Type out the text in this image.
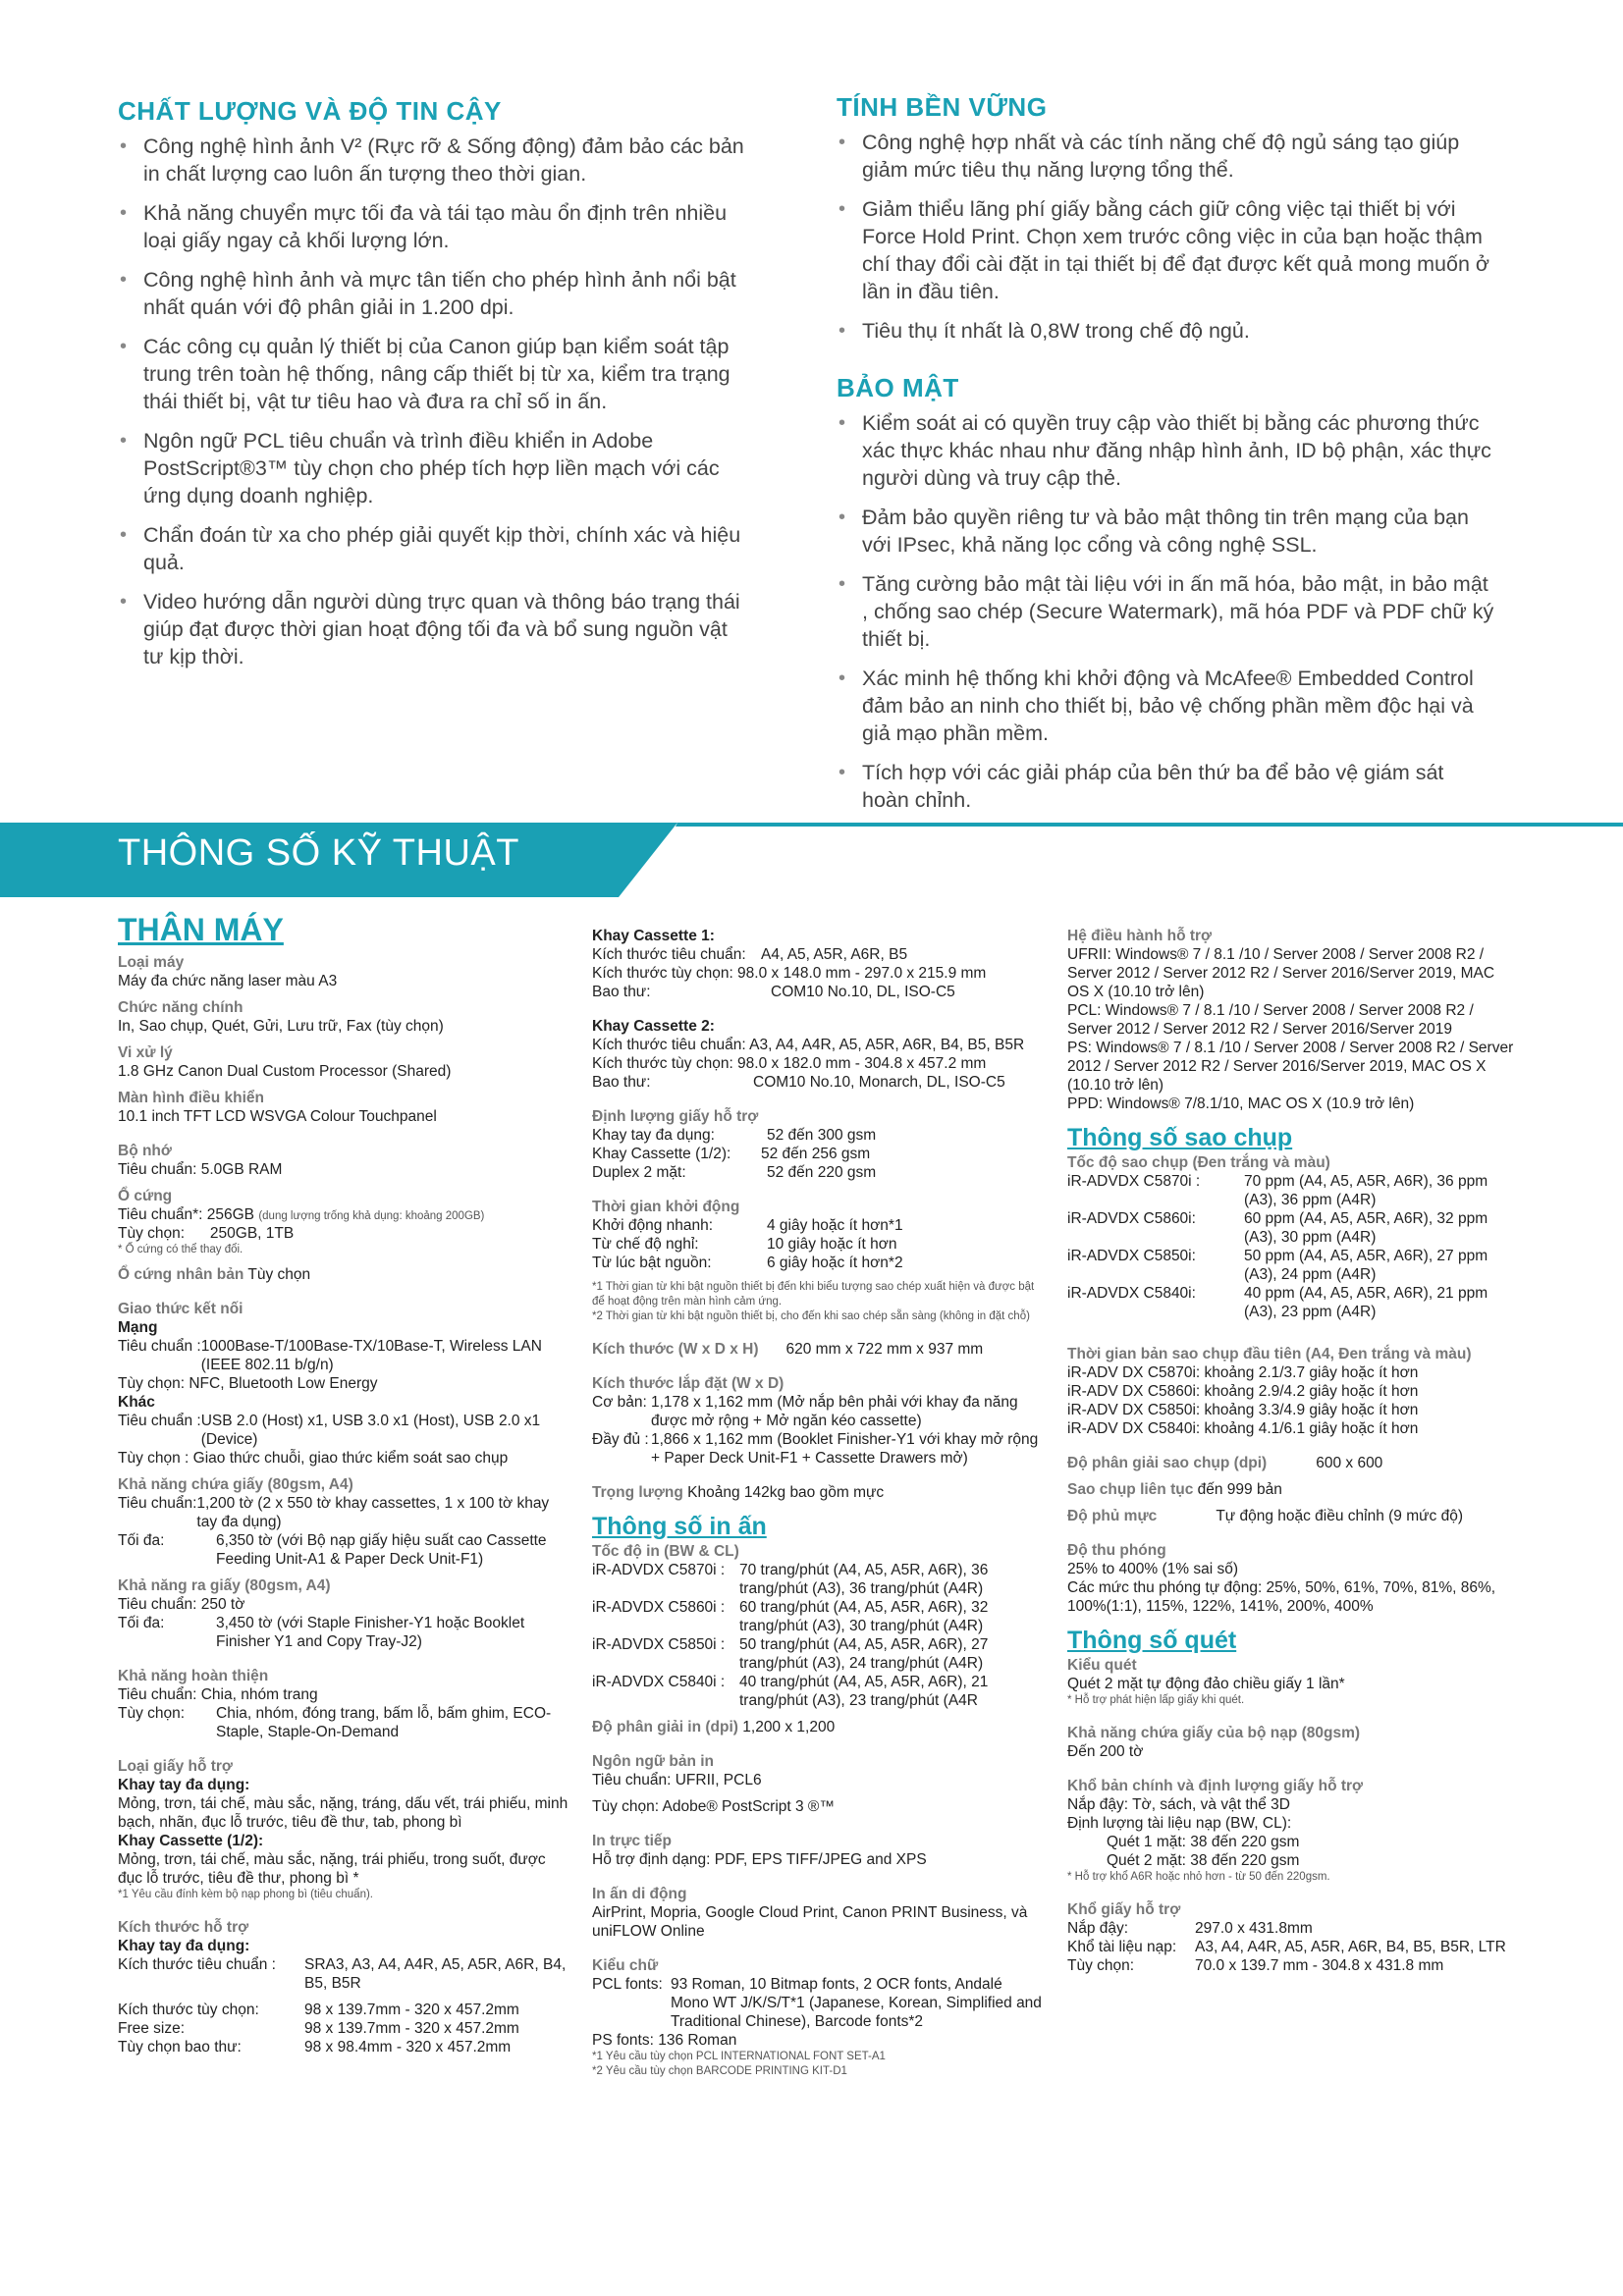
CHẤT LƯỢNG VÀ ĐỘ TIN CẬY
• Công nghệ hình ảnh V² (Rực rỡ & Sống động) đảm bảo các bản in chất lượng cao luôn ấn tượng theo thời gian.
• Khả năng chuyển mực tối đa và tái tạo màu ổn định trên nhiều loại giấy ngay cả khối lượng lớn.
• Công nghệ hình ảnh và mực tân tiến cho phép hình ảnh nổi bật nhất quán với độ phân giải in 1.200 dpi.
• Các công cụ quản lý thiết bị của Canon giúp bạn kiểm soát tập trung trên toàn hệ thống, nâng cấp thiết bị từ xa, kiểm tra trạng thái thiết bị, vật tư tiêu hao và đưa ra chỉ số in ấn.
• Ngôn ngữ PCL tiêu chuẩn và trình điều khiển in Adobe PostScript®3™ tùy chọn cho phép tích hợp liền mạch với các ứng dụng doanh nghiệp.
• Chẩn đoán từ xa cho phép giải quyết kịp thời, chính xác và hiệu quả.
• Video hướng dẫn người dùng trực quan và thông báo trạng thái giúp đạt được thời gian hoạt động tối đa và bổ sung nguồn vật tư kịp thời.
TÍNH BỀN VỮNG
• Công nghệ hợp nhất và các tính năng chế độ ngủ sáng tạo giúp giảm mức tiêu thụ năng lượng tổng thể.
• Giảm thiểu lãng phí giấy bằng cách giữ công việc tại thiết bị với Force Hold Print. Chọn xem trước công việc in của bạn hoặc thậm chí thay đổi cài đặt in tại thiết bị để đạt được kết quả mong muốn ở lần in đầu tiên.
• Tiêu thụ ít nhất là 0,8W trong chế độ ngủ.
BẢO MẬT
• Kiểm soát ai có quyền truy cập vào thiết bị bằng các phương thức xác thực khác nhau như đăng nhập hình ảnh, ID bộ phận, xác thực người dùng và truy cập thẻ.
• Đảm bảo quyền riêng tư và bảo mật thông tin trên mạng của bạn với IPsec, khả năng lọc cổng và công nghệ SSL.
• Tăng cường bảo mật tài liệu với in ấn mã hóa, bảo mật, in bảo mật , chống sao chép (Secure Watermark), mã hóa PDF và PDF chữ ký thiết bị.
• Xác minh hệ thống khi khởi động và McAfee® Embedded Control đảm bảo an ninh cho thiết bị, bảo vệ chống phần mềm độc hại và giả mạo phần mềm.
• Tích hợp với các giải pháp của bên thứ ba để bảo vệ giám sát hoàn chỉnh.
THÔNG SỐ KỸ THUẬT
THÂN MÁY
Loại máy
Máy đa chức năng laser màu A3
Chức năng chính
In, Sao chụp, Quét, Gửi, Lưu trữ, Fax (tùy chọn)
Vi xử lý
1.8 GHz Canon Dual Custom Processor (Shared)
Màn hình điều khiển
10.1 inch TFT LCD WSVGA Colour Touchpanel
Bộ nhớ
Tiêu chuẩn: 5.0GB RAM
Ổ cứng
Tiêu chuẩn*: 256GB (dung lượng trống khả dụng: khoảng 200GB)
Tùy chọn:      250GB, 1TB
* Ổ cứng có thể thay đổi.
Ổ cứng nhân bản Tùy chọn
Giao thức kết nối
Mạng
Tiêu chuẩn : 1000Base-T/100Base-TX/10Base-T, Wireless LAN (IEEE 802.11 b/g/n)
Tùy chọn: NFC, Bluetooth Low Energy
Khác
Tiêu chuẩn : USB 2.0 (Host) x1, USB 3.0 x1 (Host), USB 2.0 x1 (Device)
Tùy chọn : Giao thức chuỗi, giao thức kiểm soát sao chụp
Khả năng chứa giấy (80gsm, A4)
Tiêu chuẩn: 1,200 tờ (2 x 550 tờ khay cassettes, 1 x 100 tờ khay tay đa dụng)
Tối đa:	6,350 tờ (với Bộ nạp giấy hiệu suất cao Cassette Feeding Unit-A1 & Paper Deck Unit-F1)
Khả năng ra giấy (80gsm, A4)
Tiêu chuẩn: 250 tờ
Tối đa:	3,450 tờ (với Staple Finisher-Y1 hoặc Booklet Finisher Y1 and Copy Tray-J2)
Khả năng hoàn thiện
Tiêu chuẩn: Chia, nhóm trang
Tùy chọn:	Chia, nhóm, đóng trang, bấm lỗ, bấm ghim, ECO-Staple, Staple-On-Demand
Loại giấy hỗ trợ
Khay tay đa dụng:
Mỏng, trơn, tái chế, màu sắc, nặng, tráng, dấu vết, trái phiếu, minh bạch, nhãn, đục lỗ trước, tiêu đề thư, tab, phong bì
Khay Cassette (1/2):
Mỏng, trơn, tái chế, màu sắc, nặng, trái phiếu, trong suốt, được đục lỗ trước, tiêu đề thư, phong bì *
*1 Yêu cầu đính kèm bộ nạp phong bì (tiêu chuẩn).
Kích thước hỗ trợ
Khay tay đa dụng:
Kích thước tiêu chuẩn :	SRA3, A3, A4, A4R, A5, A5R, A6R, B4, B5, B5R
Kích thước tùy chọn:	98 x 139.7mm - 320 x 457.2mm
Free size:	98 x 139.7mm - 320 x 457.2mm
Tùy chọn bao thư:	98 x 98.4mm - 320 x 457.2mm
Khay Cassette 1:
Kích thước tiêu chuẩn: A4, A5, A5R, A6R, B5
Kích thước tùy chọn: 98.0 x 148.0 mm - 297.0 x 215.9 mm
Bao thư:	COM10 No.10, DL, ISO-C5
Khay Cassette 2:
Kích thước tiêu chuẩn: A3, A4, A4R, A5, A5R, A6R, B4, B5, B5R
Kích thước tùy chọn: 98.0 x 182.0 mm - 304.8 x 457.2 mm
Bao thư:	COM10 No.10, Monarch, DL, ISO-C5
Định lượng giấy hỗ trợ
Khay tay đa dụng:	52 đến 300 gsm
Khay Cassette (1/2):	52 đến 256 gsm
Duplex 2 mặt:	52 đến 220 gsm
Thời gian khởi động
Khởi động nhanh:	4 giây hoặc ít hơn*1
Từ chế độ nghỉ:	10 giây hoặc ít hơn
Từ lúc bật nguồn:	6 giây hoặc ít hơn*2
*1 Thời gian từ khi bật nguồn thiết bị đến khi biểu tượng sao chép xuất hiện và được bật để hoạt động trên màn hình cảm ứng.
*2 Thời gian từ khi bật nguồn thiết bị, cho đến khi sao chép sẵn sàng (không in đặt chỗ)
Kích thước (W x D x H) 620 mm x 722 mm x 937 mm
Kích thước lắp đặt (W x D)
Cơ bản: 1,178 x 1,162 mm (Mở nắp bên phải với khay đa năng được mở rộng + Mở ngăn kéo cassette)
Đầy đủ : 1,866 x 1,162 mm (Booklet Finisher-Y1 với khay mở rộng + Paper Deck Unit-F1 + Cassette Drawers mở)
Trọng lượng Khoảng 142kg bao gồm mực
Thông số in ấn
Tốc độ in (BW & CL)
iR-ADVDX C5870i : 70 trang/phút (A4, A5, A5R, A6R), 36 trang/phút (A3), 36 trang/phút (A4R)
iR-ADVDX C5860i : 60 trang/phút (A4, A5, A5R, A6R), 32 trang/phút (A3), 30 trang/phút (A4R)
iR-ADVDX C5850i : 50 trang/phút (A4, A5, A5R, A6R), 27 trang/phút (A3), 24 trang/phút (A4R)
iR-ADVDX C5840i : 40 trang/phút (A4, A5, A5R, A6R), 21 trang/phút (A3), 23 trang/phút (A4R
Độ phân giải in (dpi) 1,200 x 1,200
Ngôn ngữ bản in
Tiêu chuẩn: UFRII, PCL6
Tùy chọn: Adobe® PostScript 3 ®™
In trực tiếp
Hỗ trợ định dạng: PDF, EPS TIFF/JPEG and XPS
In ấn di động
AirPrint, Mopria, Google Cloud Print, Canon PRINT Business, và uniFLOW Online
Kiểu chữ
PCL fonts: 93 Roman, 10 Bitmap fonts, 2 OCR fonts, Andalé Mono WT J/K/S/T*1 (Japanese, Korean, Simplified and Traditional Chinese), Barcode fonts*2
PS fonts: 136 Roman
*1 Yêu cầu tùy chọn PCL INTERNATIONAL FONT SET-A1
*2 Yêu cầu tùy chọn BARCODE PRINTING KIT-D1
Hệ điều hành hỗ trợ
UFRII: Windows® 7 / 8.1 /10 / Server 2008 / Server 2008 R2 / Server 2012 / Server 2012 R2 / Server 2016/Server 2019, MAC OS X (10.10 trở lên)
PCL: Windows® 7 / 8.1 /10 / Server 2008 / Server 2008 R2 / Server 2012 / Server 2012 R2 / Server 2016/Server 2019
PS: Windows® 7 / 8.1 /10 / Server 2008 / Server 2008 R2 / Server 2012 / Server 2012 R2 / Server 2016/Server 2019, MAC OS X (10.10 trở lên)
PPD: Windows® 7/8.1/10, MAC OS X (10.9 trở lên)
Thông số sao chụp
Tốc độ sao chụp (Đen trắng và màu)
iR-ADVDX C5870i :	70 ppm (A4, A5, A5R, A6R), 36 ppm (A3), 36 ppm (A4R)
iR-ADVDX C5860i:	60 ppm (A4, A5, A5R, A6R), 32 ppm (A3), 30 ppm (A4R)
iR-ADVDX C5850i:	50 ppm (A4, A5, A5R, A6R), 27 ppm (A3), 24 ppm (A4R)
iR-ADVDX C5840i:	40 ppm (A4, A5, A5R, A6R), 21 ppm (A3), 23 ppm (A4R)
Thời gian bản sao chụp đầu tiên (A4, Đen trắng và màu)
iR-ADV DX C5870i: khoảng 2.1/3.7 giây hoặc ít hơn
iR-ADV DX C5860i: khoảng 2.9/4.2 giây hoặc ít hơn
iR-ADV DX C5850i: khoảng 3.3/4.9 giây hoặc ít hơn
iR-ADV DX C5840i: khoảng 4.1/6.1 giây hoặc ít hơn
Độ phân giải sao chụp (dpi)	600 x 600
Sao chụp liên tục đến 999 bản
Độ phủ mực	Tự động hoặc điều chỉnh (9 mức độ)
Độ thu phóng
25% to 400% (1% sai số)
Các mức thu phóng tự động: 25%, 50%, 61%, 70%, 81%, 86%, 100%(1:1), 115%, 122%, 141%, 200%, 400%
Thông số quét
Kiểu quét
Quét 2 mặt tự động đảo chiều giấy 1 lần*
* Hỗ trợ phát hiện lấp giấy khi quét.
Khả năng chứa giấy của bộ nạp (80gsm)
Đến 200 tờ
Khổ bản chính và định lượng giấy hỗ trợ
Nắp đậy: Tờ, sách, và vật thể 3D
Định lượng tài liệu nạp (BW, CL):
Quét 1 mặt: 38 đến 220 gsm
Quét 2 mặt: 38 đến 220 gsm
* Hỗ trợ khổ A6R hoặc nhỏ hơn - từ 50 đến 220gsm.
Khổ giấy hỗ trợ
Nắp đậy:	297.0 x 431.8mm
Khổ tài liệu nạp:	A3, A4, A4R, A5, A5R, A6R, B4, B5, B5R, LTR
Tùy chọn:	70.0 x 139.7 mm - 304.8 x 431.8 mm
